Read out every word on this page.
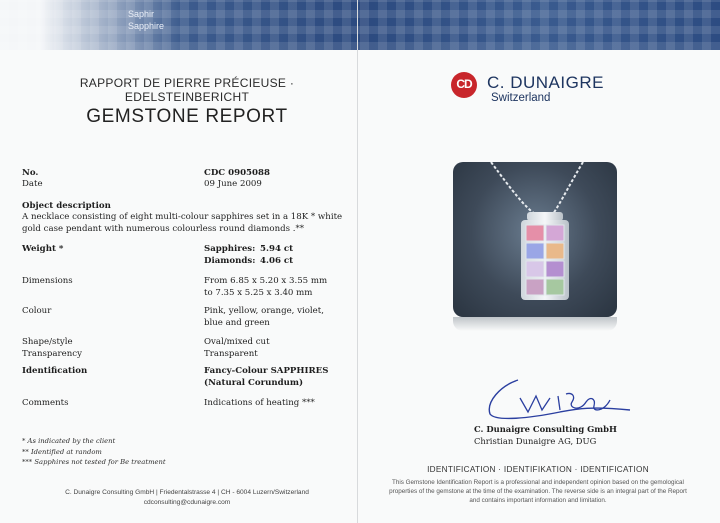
Saphir
Sapphire
RAPPORT DE PIERRE PRÉCIEUSE · EDELSTEINBERICHT
GEMSTONE REPORT
No.	CDC 0905088
Date	09 June 2009
Object description
A necklace consisting of eight multi-colour sapphires set in a 18K * white
gold case pendant with numerous colourless round diamonds .**
Weight *	Sapphires: 5.94 ct
Diamonds: 4.06 ct
Dimensions	From 6.85 x 5.20 x 3.55 mm
to 7.35 x 5.25 x 3.40 mm
Colour	Pink, yellow, orange, violet,
blue and green
Shape/style	Oval/mixed cut
Transparency	Transparent
Identification	Fancy-Colour SAPPHIRES
(Natural Corundum)
Comments	Indications of heating ***
* As indicated by the client
** Identified at random
*** Sapphires not tested for Be treatment
C. Dunaigre Consulting GmbH | Friedentalstrasse 4 | CH - 6004 Luzern/Switzerland
cdconsulting@cdunaigre.com
CD C. DUNAIGRE
Switzerland
C. Dunaigre Consulting GmbH
Christian Dunaigre AG, DUG
IDENTIFICATION · IDENTIFIKATION · IDENTIFICATION
This Gemstone Identification Report is a professional and independent opinion based on the gemological
properties of the gemstone at the time of the examination. The reverse side is an integral part of the Report
and contains important information and limitation.
